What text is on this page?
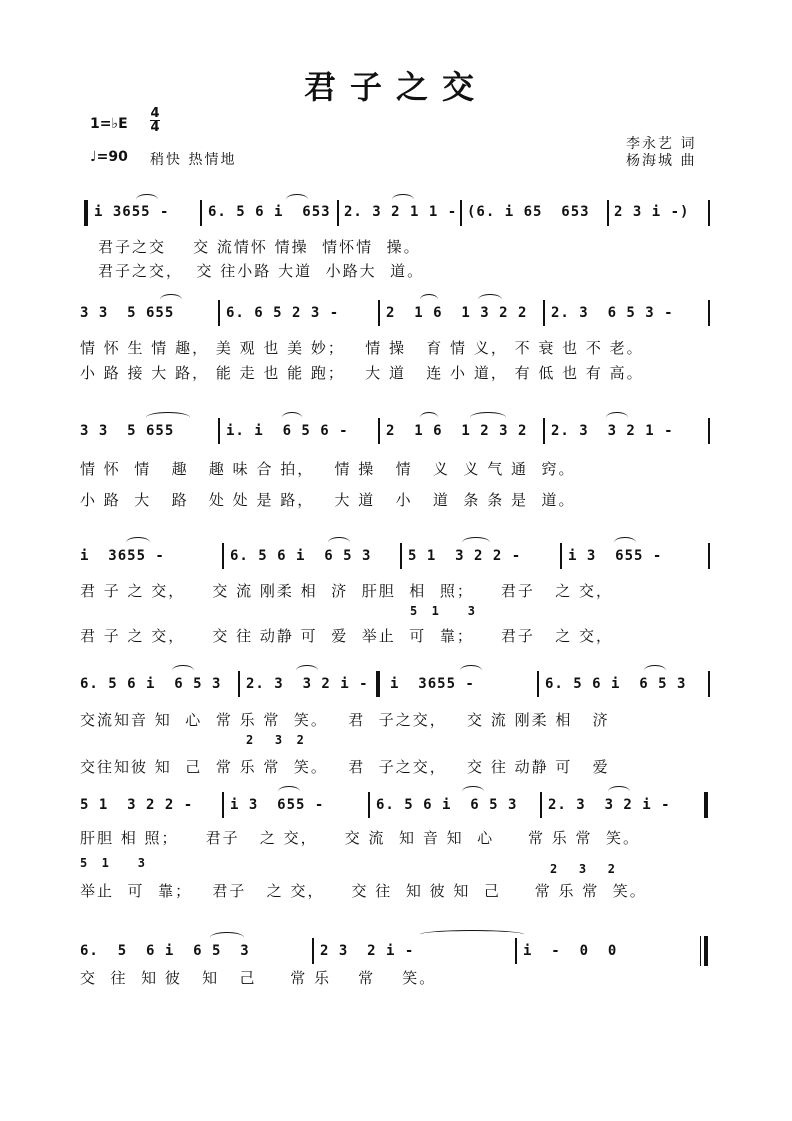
君子之交
1=♭E
4
4
♩=90 稍快 热情地
李永艺 词
杨海城 曲
i 3655 -	6. 5 6 i  653 2. 3 2 1 1 - (6. i 65  653 2 3 i -)
君子之交    交 流情怀 情操  情怀情  操。
君子之交，  交 往小路 大道  小路大  道。
3 3  5 655	6. 6 5 2 3 -	2  1 6  1 3 2 2 2. 3  6 5 3 -
情 怀 生 情 趣， 美 观 也 美 妙；   情 操   育 情 义， 不 衰 也 不 老。
小 路 接 大 路， 能 走 也 能 跑；   大 道   连 小 道， 有 低 也 有 高。
3 3  5 655	i. i  6 5 6 -	2  1 6  1 2 3 2 2. 3  3 2 1 -
情 怀  情   趣   趣 味 合 拍，   情 操   情   义  义 气 通  窍。
小 路  大   路   处 处 是 路，   大 道   小   道  条 条 是  道。
i  3655 -	6. 5 6 i  6 5 3	5 1  3 2 2 -	i 3  655 -
君 子 之 交，    交 流 刚柔 相  济  肝胆  相  照；    君子   之 交，
5  1    3
君 子 之 交，    交 往 动静 可  爱  举止  可  靠；    君子   之 交，
6. 5 6 i  6 5 3 2. 3  3 2 i - i  3655 -	6. 5 6 i  6 5 3
交流知音 知  心  常 乐 常  笑。   君  子之交，   交 流 刚柔 相   济
2   3  2
交往知彼 知  己  常 乐 常  笑。   君  子之交，   交 往 动静 可   爱
5 1  3 2 2 -	i 3  655 -	6. 5 6 i  6 5 3 2. 3  3 2 i -
肝胆 相 照；    君子   之 交，    交 流  知 音 知  心     常 乐 常  笑。
5  1    3	2   3   2
举止  可  靠；   君子   之 交，    交 往  知 彼 知  己     常 乐 常  笑。
6.  5  6 i  6 5  3	2 3  2 i -	i  -  0  0
交  往  知 彼   知   己     常 乐    常    笑。
